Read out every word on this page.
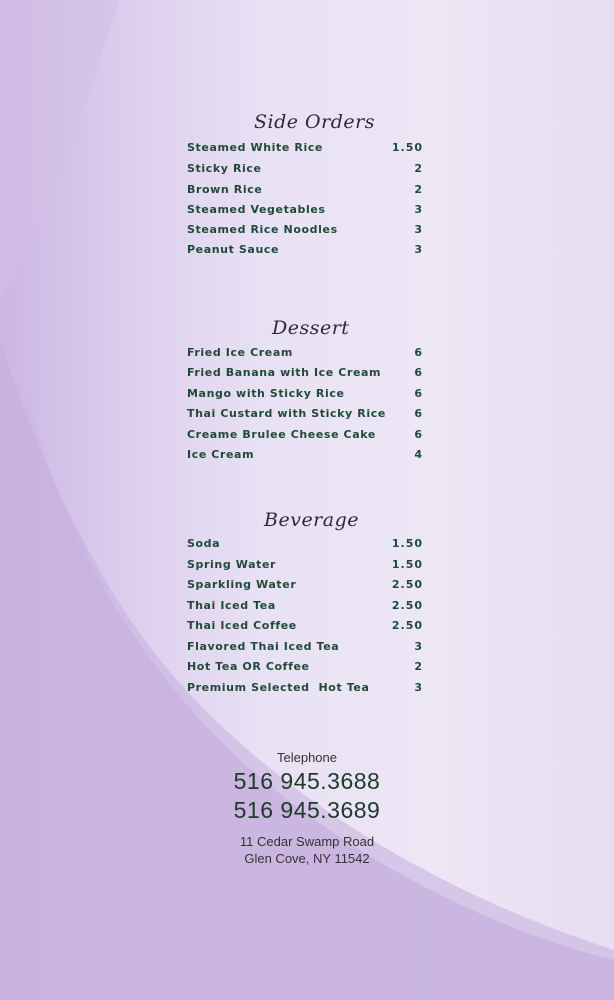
Side Orders
Steamed White Rice	1.50
Sticky Rice	2
Brown Rice	2
Steamed Vegetables	3
Steamed Rice Noodles	3
Peanut Sauce	3
Dessert
Fried Ice Cream	6
Fried Banana with Ice Cream	6
Mango with Sticky Rice	6
Thai Custard with Sticky Rice	6
Creame Brulee Cheese Cake	6
Ice Cream	4
Beverage
Soda	1.50
Spring Water	1.50
Sparkling Water	2.50
Thai Iced Tea	2.50
Thai Iced Coffee	2.50
Flavored Thai Iced Tea	3
Hot Tea OR Coffee	2
Premium Selected  Hot Tea	3
Telephone
516 945.3688
516 945.3689
11 Cedar Swamp Road
Glen Cove, NY 11542
